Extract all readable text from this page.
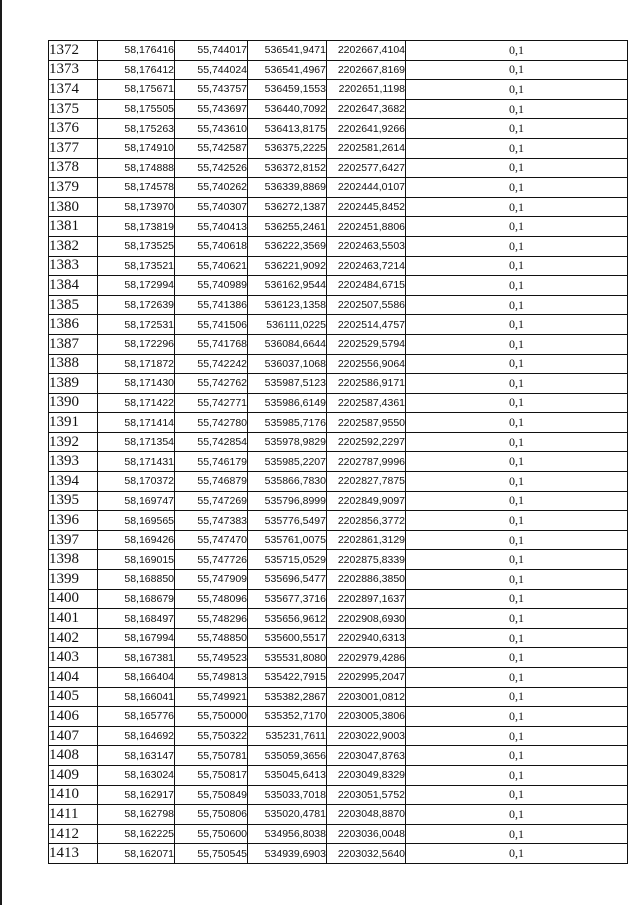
1372	58,176416	55,744017	536541,9471	2202667,4104	0,1
1373	58,176412	55,744024	536541,4967	2202667,8169	0,1
1374	58,175671	55,743757	536459,1553	2202651,1198	0,1
1375	58,175505	55,743697	536440,7092	2202647,3682	0,1
1376	58,175263	55,743610	536413,8175	2202641,9266	0,1
1377	58,174910	55,742587	536375,2225	2202581,2614	0,1
1378	58,174888	55,742526	536372,8152	2202577,6427	0,1
1379	58,174578	55,740262	536339,8869	2202444,0107	0,1
1380	58,173970	55,740307	536272,1387	2202445,8452	0,1
1381	58,173819	55,740413	536255,2461	2202451,8806	0,1
1382	58,173525	55,740618	536222,3569	2202463,5503	0,1
1383	58,173521	55,740621	536221,9092	2202463,7214	0,1
1384	58,172994	55,740989	536162,9544	2202484,6715	0,1
1385	58,172639	55,741386	536123,1358	2202507,5586	0,1
1386	58,172531	55,741506	536111,0225	2202514,4757	0,1
1387	58,172296	55,741768	536084,6644	2202529,5794	0,1
1388	58,171872	55,742242	536037,1068	2202556,9064	0,1
1389	58,171430	55,742762	535987,5123	2202586,9171	0,1
1390	58,171422	55,742771	535986,6149	2202587,4361	0,1
1391	58,171414	55,742780	535985,7176	2202587,9550	0,1
1392	58,171354	55,742854	535978,9829	2202592,2297	0,1
1393	58,171431	55,746179	535985,2207	2202787,9996	0,1
1394	58,170372	55,746879	535866,7830	2202827,7875	0,1
1395	58,169747	55,747269	535796,8999	2202849,9097	0,1
1396	58,169565	55,747383	535776,5497	2202856,3772	0,1
1397	58,169426	55,747470	535761,0075	2202861,3129	0,1
1398	58,169015	55,747726	535715,0529	2202875,8339	0,1
1399	58,168850	55,747909	535696,5477	2202886,3850	0,1
1400	58,168679	55,748096	535677,3716	2202897,1637	0,1
1401	58,168497	55,748296	535656,9612	2202908,6930	0,1
1402	58,167994	55,748850	535600,5517	2202940,6313	0,1
1403	58,167381	55,749523	535531,8080	2202979,4286	0,1
1404	58,166404	55,749813	535422,7915	2202995,2047	0,1
1405	58,166041	55,749921	535382,2867	2203001,0812	0,1
1406	58,165776	55,750000	535352,7170	2203005,3806	0,1
1407	58,164692	55,750322	535231,7611	2203022,9003	0,1
1408	58,163147	55,750781	535059,3656	2203047,8763	0,1
1409	58,163024	55,750817	535045,6413	2203049,8329	0,1
1410	58,162917	55,750849	535033,7018	2203051,5752	0,1
1411	58,162798	55,750806	535020,4781	2203048,8870	0,1
1412	58,162225	55,750600	534956,8038	2203036,0048	0,1
1413	58,162071	55,750545	534939,6903	2203032,5640	0,1
